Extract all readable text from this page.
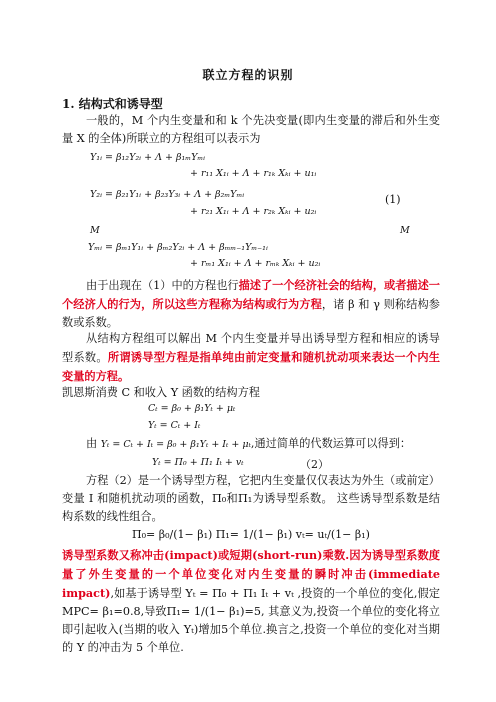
联立方程的识别
1. 结构式和诱导型

一般的，M 个内生变量和和 k 个先决变量(即内生变量的滞后和外生变量 X 的全体)所联立的方程组可以表示为

Y₁ᵢ = β₁₂Y₂ᵢ + Λ + β₁ₘYₘᵢ
+ r₁₁ X₁ᵢ + Λ + r₁ₖ Xₖᵢ + u₁ᵢ
Y₂ᵢ = β₂₁Y₁ᵢ + β₂₃Y₃ᵢ + Λ + β₂ₘYₘᵢ
+ r₂₁ X₁ᵢ + Λ + r₂ₖ Xₖᵢ + u₂ᵢ
(1)
M	M
Yₘᵢ = βₘ₁Y₁ᵢ + βₘ₂Y₂ᵢ + Λ + βₘₘ₋₁Yₘ₋₁ᵢ
+ rₘ₁ X₁ᵢ + Λ + rₘₖ Xₖᵢ + u₂ᵢ

由于出现在（1）中的方程也行描述了一个经济社会的结构，或者描述一个经济人的行为，所以这些方程称为结构或行为方程，诸 β 和 γ 则称结构参数或系数。

从结构方程组可以解出 M 个内生变量并导出诱导型方程和相应的诱导型系数。所谓诱导型方程是指单纯由前定变量和随机扰动项来表达一个内生变量的方程。

凯恩斯消费 C 和收入 Y 函数的结构方程

Cₜ = β₀ + β₁Yₜ + μₜ
Yₜ = Cₜ + Iₜ

由 Yₜ = Cₜ + Iₜ = β₀ + β₁Yₜ + Iₜ + μₜ,通过简单的代数运算可以得到：

Yₜ = Π₀ + Π₁ Iₜ + vₜ	（2）

方程（2）是一个诱导型方程，它把内生变量仅仅表达为外生（或前定）变量 I 和随机扰动项的函数，Π₀和Π₁为诱导型系数。 这些诱导型系数是结构系数的线性组合。

Π₀= β₀/(1− β₁) Π₁= 1/(1− β₁) vₜ= uₜ/(1− β₁)

诱导型系数又称冲击(impact)或短期(short-run)乘数.因为诱导型系数度量了外生变量的一个单位变化对内生变量的瞬时冲击(immediate impact),如基于诱导型 Yₜ = Π₀ + Π₁ Iₜ + vₜ ,投资的一个单位的变化,假定 MPC= β₁=0.8,导致Π₁= 1/(1− β₁)=5, 其意义为,投资一个单位的变化将立即引起收入(当期的收入 Yₜ)增加5个单位.换言之,投资一个单位的变化对当期的 Y 的冲击为 5 个单位.
